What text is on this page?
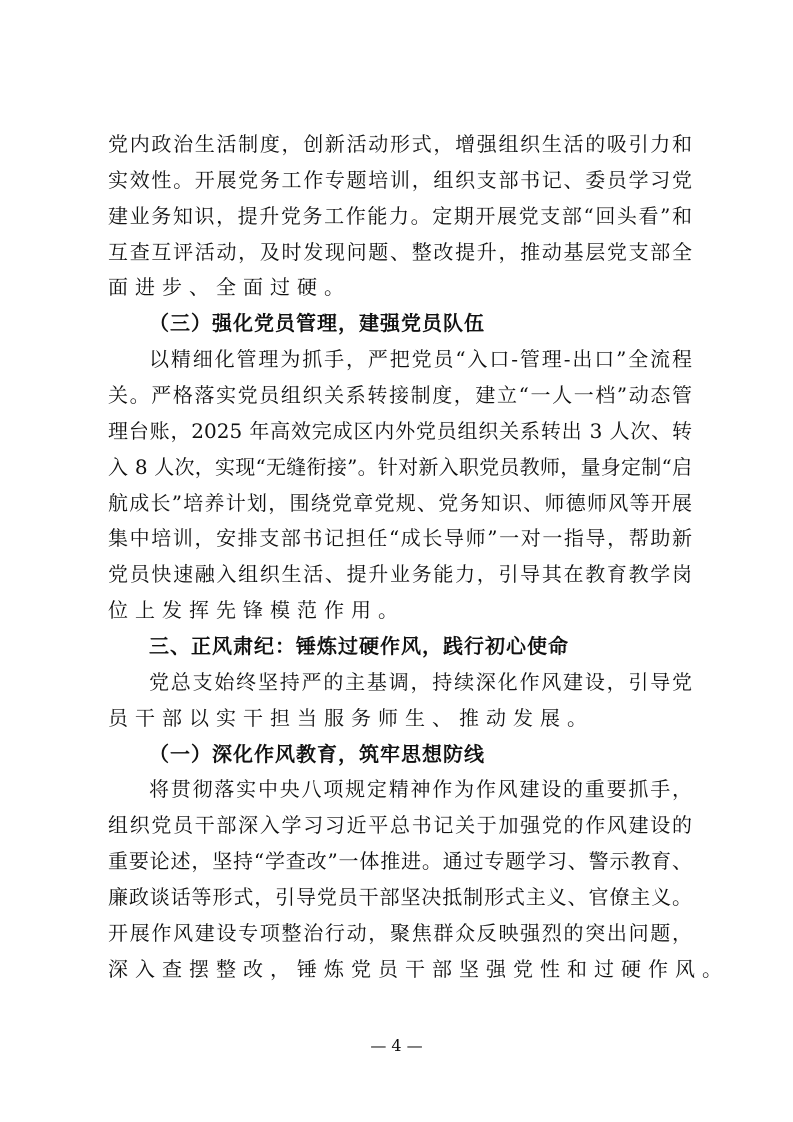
党内政治生活制度，创新活动形式，增强组织生活的吸引力和
实效性。开展党务工作专题培训，组织支部书记、委员学习党
建业务知识，提升党务工作能力。定期开展党支部“回头看”和
互查互评活动，及时发现问题、整改提升，推动基层党支部全
面进步、全面过硬。
（三）强化党员管理，建强党员队伍
以精细化管理为抓手，严把党员“入口-管理-出口”全流程
关。严格落实党员组织关系转接制度，建立“一人一档”动态管
理台账，2025 年高效完成区内外党员组织关系转出 3 人次、转
入 8 人次，实现“无缝衔接”。针对新入职党员教师，量身定制“启
航成长”培养计划，围绕党章党规、党务知识、师德师风等开展
集中培训，安排支部书记担任“成长导师”一对一指导，帮助新
党员快速融入组织生活、提升业务能力，引导其在教育教学岗
位上发挥先锋模范作用。
三、正风肃纪：锤炼过硬作风，践行初心使命
党总支始终坚持严的主基调，持续深化作风建设，引导党
员干部以实干担当服务师生、推动发展。
（一）深化作风教育，筑牢思想防线
将贯彻落实中央八项规定精神作为作风建设的重要抓手，
组织党员干部深入学习习近平总书记关于加强党的作风建设的
重要论述，坚持“学查改”一体推进。通过专题学习、警示教育、
廉政谈话等形式，引导党员干部坚决抵制形式主义、官僚主义。
开展作风建设专项整治行动，聚焦群众反映强烈的突出问题，
深入查摆整改，锤炼党员干部坚强党性和过硬作风。
— 4 —
